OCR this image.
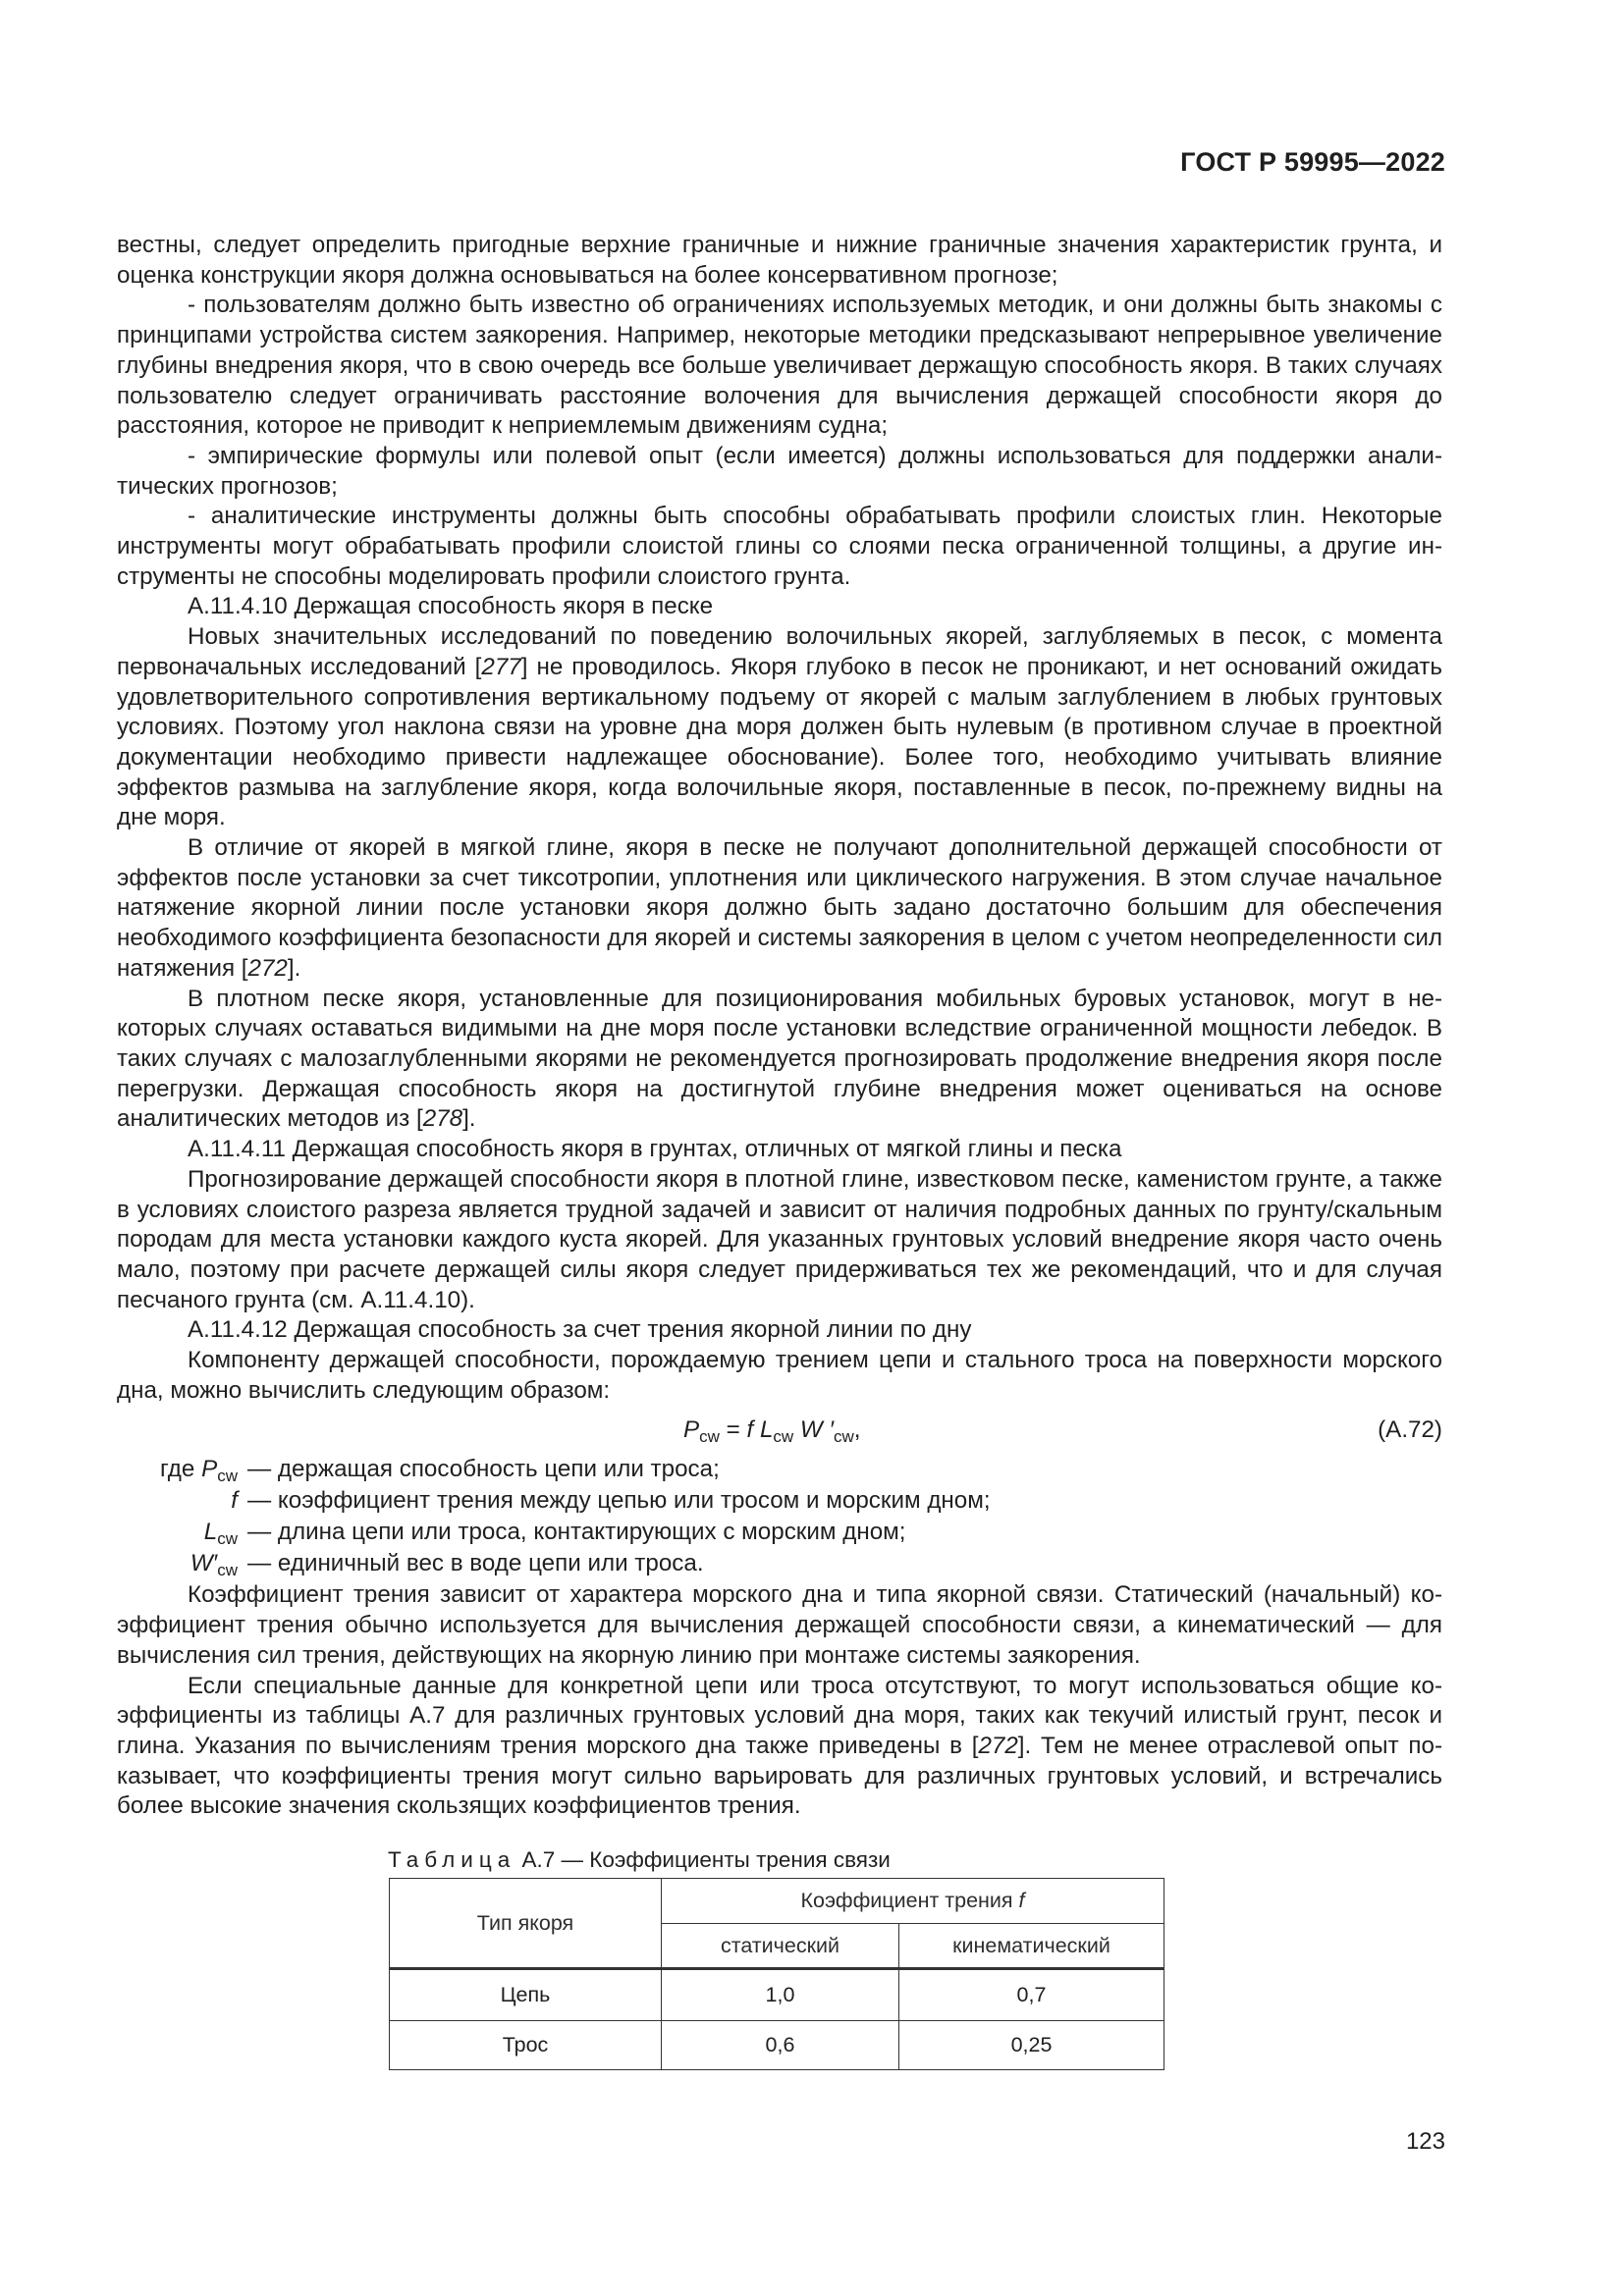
ГОСТ Р 59995—2022

вестны, следует определить пригодные верхние граничные и нижние граничные значения характеристик грунта, и оценка конструкции якоря должна основываться на более консервативном прогнозе;

- пользователям должно быть известно об ограничениях используемых методик, и они должны быть знакомы с принципами устройства систем заякорения. Например, некоторые методики предсказывают непрерывное увеличение глубины внедрения якоря, что в свою очередь все больше увеличивает держащую способность якоря. В таких случаях пользователю следует ограничивать расстояние волочения для вычисления держащей способности якоря до расстояния, которое не приводит к неприемлемым движениям судна;

- эмпирические формулы или полевой опыт (если имеется) должны использоваться для поддержки аналитических прогнозов;

- аналитические инструменты должны быть способны обрабатывать профили слоистых глин. Некоторые инструменты могут обрабатывать профили слоистой глины со слоями песка ограниченной толщины, а другие инструменты не способны моделировать профили слоистого грунта.

А.11.4.10 Держащая способность якоря в песке

Новых значительных исследований по поведению волочильных якорей, заглубляемых в песок, с момента первоначальных исследований [277] не проводилось. Якоря глубоко в песок не проникают, и нет оснований ожидать удовлетворительного сопротивления вертикальному подъему от якорей с малым заглублением в любых грунтовых условиях. Поэтому угол наклона связи на уровне дна моря должен быть нулевым (в противном случае в проектной документации необходимо привести надлежащее обоснование). Более того, необходимо учитывать влияние эффектов размыва на заглубление якоря, когда волочильные якоря, поставленные в песок, по-прежнему видны на дне моря.

В отличие от якорей в мягкой глине, якоря в песке не получают дополнительной держащей способности от эффектов после установки за счет тиксотропии, уплотнения или циклического нагружения. В этом случае начальное натяжение якорной линии после установки якоря должно быть задано достаточно большим для обеспечения необходимого коэффициента безопасности для якорей и системы заякорения в целом с учетом неопределенности сил натяжения [272].

В плотном песке якоря, установленные для позиционирования мобильных буровых установок, могут в некоторых случаях оставаться видимыми на дне моря после установки вследствие ограниченной мощности лебедок. В таких случаях с малозаглубленными якорями не рекомендуется прогнозировать продолжение внедрения якоря после перегрузки. Держащая способность якоря на достигнутой глубине внедрения может оцениваться на основе аналитических методов из [278].

А.11.4.11 Держащая способность якоря в грунтах, отличных от мягкой глины и песка

Прогнозирование держащей способности якоря в плотной глине, известковом песке, каменистом грунте, а также в условиях слоистого разреза является трудной задачей и зависит от наличия подробных данных по грунту/скальным породам для места установки каждого куста якорей. Для указанных грунтовых условий внедрение якоря часто очень мало, поэтому при расчете держащей силы якоря следует придерживаться тех же рекомендаций, что и для случая песчаного грунта (см. А.11.4.10).

А.11.4.12 Держащая способность за счет трения якорной линии по дну

Компоненту держащей способности, порождаемую трением цепи и стального троса на поверхности морского дна, можно вычислить следующим образом:

$P_{cw} = f$ $L_{cw}$ W $'_{cw}$,	(А.72)
где $P_{cw}$ — держащая способность цепи или троса;
f — коэффициент трения между цепью или тросом и морским дном;
$L_{cw}$ — длина цепи или троса, контактирующих с морским дном;
$W'_{cw}$ — единичный вес в воде цепи или троса.

Коэффициент трения зависит от характера морского дна и типа якорной связи. Статический (начальный) коэффициент трения обычно используется для вычисления держащей способности связи, а кинематический — для вычисления сил трения, действующих на якорную линию при монтаже системы заякорения.

Если специальные данные для конкретной цепи или троса отсутствуют, то могут использоваться общие коэффициенты из таблицы А.7 для различных грунтовых условий дна моря, таких как текучий илистый грунт, песок и глина. Указания по вычислениям трения морского дна также приведены в [272]. Тем не менее отраслевой опыт показывает, что коэффициенты трения могут сильно варьировать для различных грунтовых условий, и встречались более высокие значения скользящих коэффициентов трения.

Таблица А.7 — Коэффициенты трения связи
Тип якоря	Коэффициент трения f	
	статический	кинематический
Цепь	1,0	0,7
Трос	0,6	0,25
123
